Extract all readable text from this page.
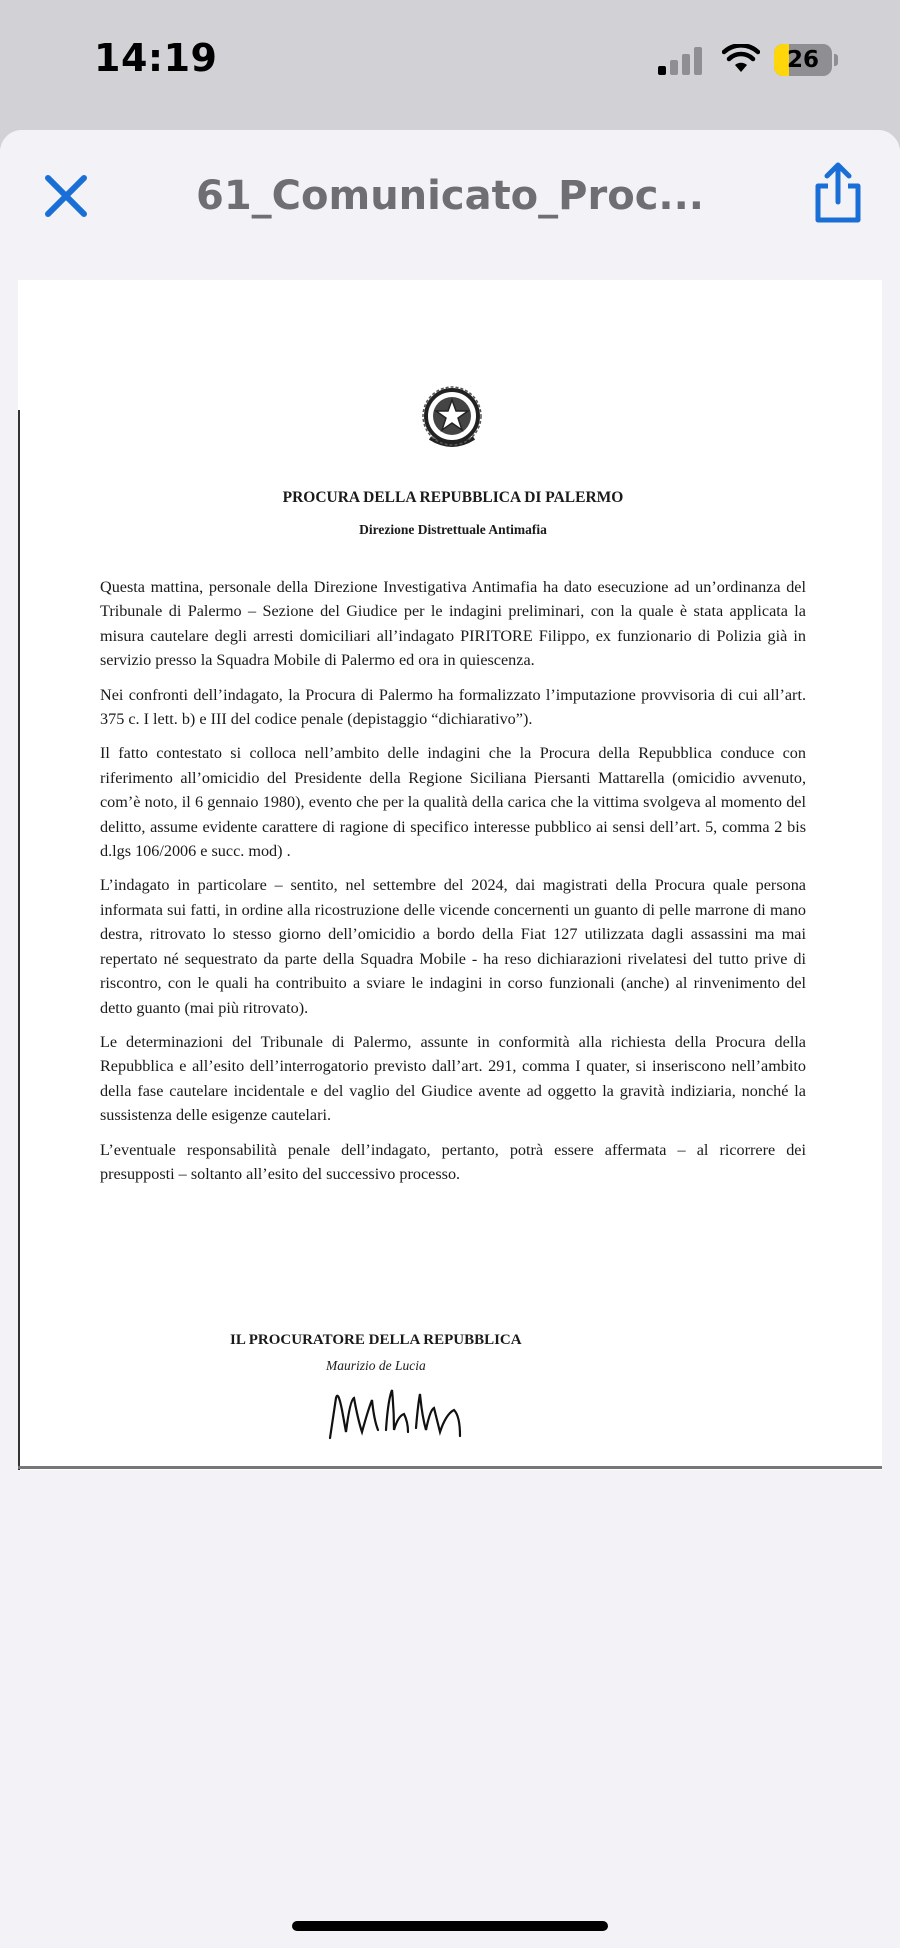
14:19	26
61_Comunicato_Proc...
PROCURA DELLA REPUBBLICA DI PALERMO
Direzione Distrettuale Antimafia

Questa mattina, personale della Direzione Investigativa Antimafia ha dato esecuzione ad un’ordinanza del Tribunale di Palermo – Sezione del Giudice per le indagini preliminari, con la quale è stata applicata la misura cautelare degli arresti domiciliari all’indagato PIRITORE Filippo, ex funzionario di Polizia già in servizio presso la Squadra Mobile di Palermo ed ora in quiescenza.

Nei confronti dell’indagato, la Procura di Palermo ha formalizzato l’imputazione provvisoria di cui all’art. 375 c. I lett. b) e III del codice penale (depistaggio “dichiarativo”).

Il fatto contestato si colloca nell’ambito delle indagini che la Procura della Repubblica conduce con riferimento all’omicidio del Presidente della Regione Siciliana Piersanti Mattarella (omicidio avvenuto, com’è noto, il 6 gennaio 1980), evento che per la qualità della carica che la vittima svolgeva al momento del delitto, assume evidente carattere di ragione di specifico interesse pubblico ai sensi dell’art. 5, comma 2 bis d.lgs 106/2006 e succ. mod) .

L’indagato in particolare – sentito, nel settembre del 2024, dai magistrati della Procura quale persona informata sui fatti, in ordine alla ricostruzione delle vicende concernenti un guanto di pelle marrone di mano destra, ritrovato lo stesso giorno dell’omicidio a bordo della Fiat 127 utilizzata dagli assassini ma mai repertato né sequestrato da parte della Squadra Mobile - ha reso dichiarazioni rivelatesi del tutto prive di riscontro, con le quali ha contribuito a sviare le indagini in corso funzionali (anche) al rinvenimento del detto guanto (mai più ritrovato).

Le determinazioni del Tribunale di Palermo, assunte in conformità alla richiesta della Procura della Repubblica e all’esito dell’interrogatorio previsto dall’art. 291, comma I quater, si inseriscono nell’ambito della fase cautelare incidentale e del vaglio del Giudice avente ad oggetto la gravità indiziaria, nonché la sussistenza delle esigenze cautelari.

L’eventuale responsabilità penale dell’indagato, pertanto, potrà essere affermata – al ricorrere dei presupposti – soltanto all’esito del successivo processo.

IL PROCURATORE DELLA REPUBBLICA
Maurizio de Lucia
